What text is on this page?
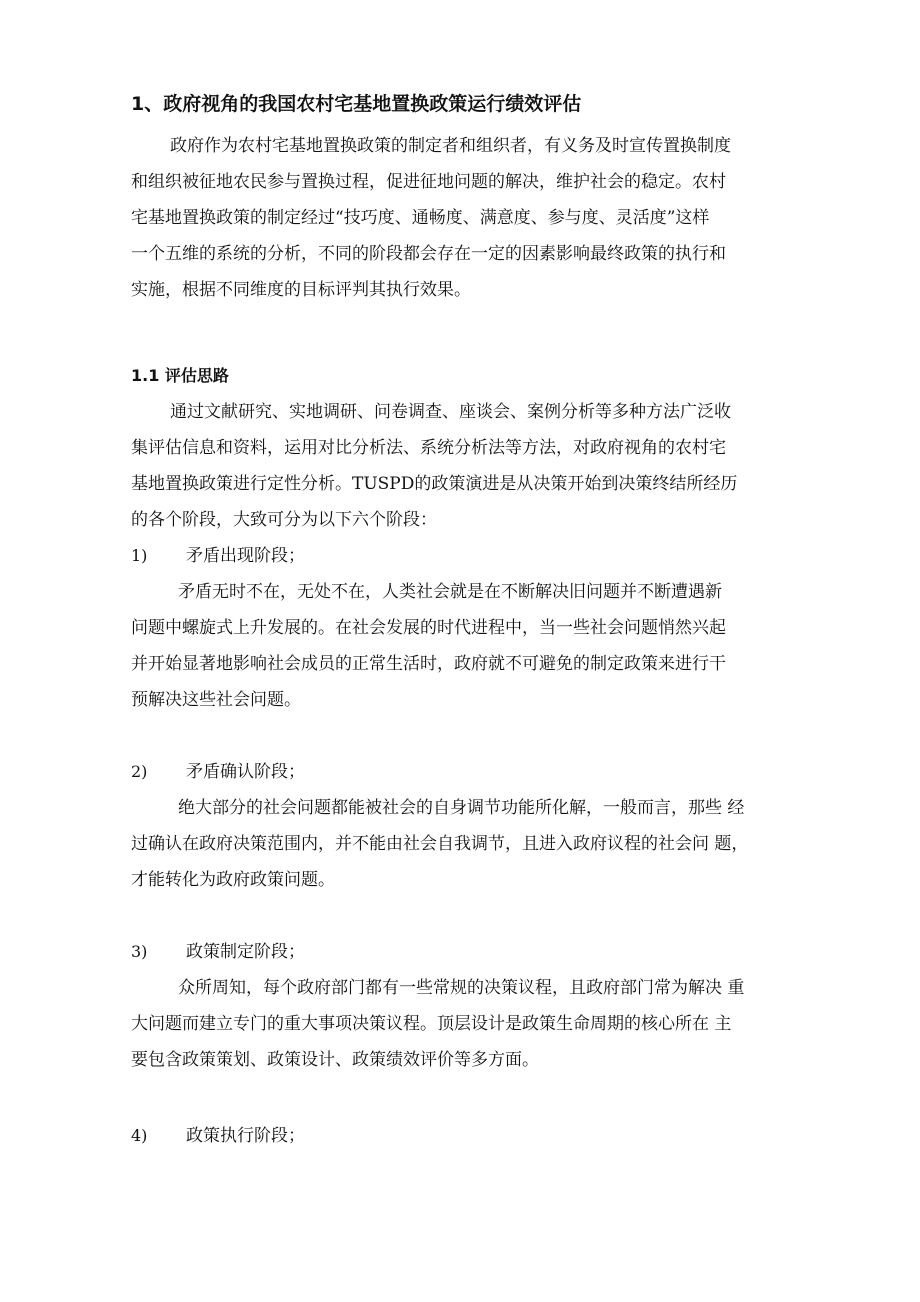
1、政府视角的我国农村宅基地置换政策运行绩效评估
政府作为农村宅基地置换政策的制定者和组织者，有义务及时宣传置换制度
和组织被征地农民参与置换过程，促进征地问题的解决，维护社会的稳定。农村
宅基地置换政策的制定经过“技巧度、通畅度、满意度、参与度、灵活度”这样
一个五维的系统的分析，不同的阶段都会存在一定的因素影响最终政策的执行和
实施，根据不同维度的目标评判其执行效果。
1.1 评估思路
通过文献研究、实地调研、问卷调查、座谈会、案例分析等多种方法广泛收
集评估信息和资料，运用对比分析法、系统分析法等方法，对政府视角的农村宅
基地置换政策进行定性分析。TUSPD的政策演进是从决策开始到决策终结所经历
的各个阶段，大致可分为以下六个阶段：
1) 矛盾出现阶段；
矛盾无时不在，无处不在，人类社会就是在不断解决旧问题并不断遭遇新
问题中螺旋式上升发展的。在社会发展的时代进程中，当一些社会问题悄然兴起
并开始显著地影响社会成员的正常生活时，政府就不可避免的制定政策来进行干
预解决这些社会问题。
2) 矛盾确认阶段；
绝大部分的社会问题都能被社会的自身调节功能所化解，一般而言，那些 经
过确认在政府决策范围内，并不能由社会自我调节，且进入政府议程的社会问 题，
才能转化为政府政策问题。
3) 政策制定阶段；
众所周知，每个政府部门都有一些常规的决策议程，且政府部门常为解决 重
大问题而建立专门的重大事项决策议程。顶层设计是政策生命周期的核心所在 主
要包含政策策划、政策设计、政策绩效评价等多方面。
4) 政策执行阶段；
